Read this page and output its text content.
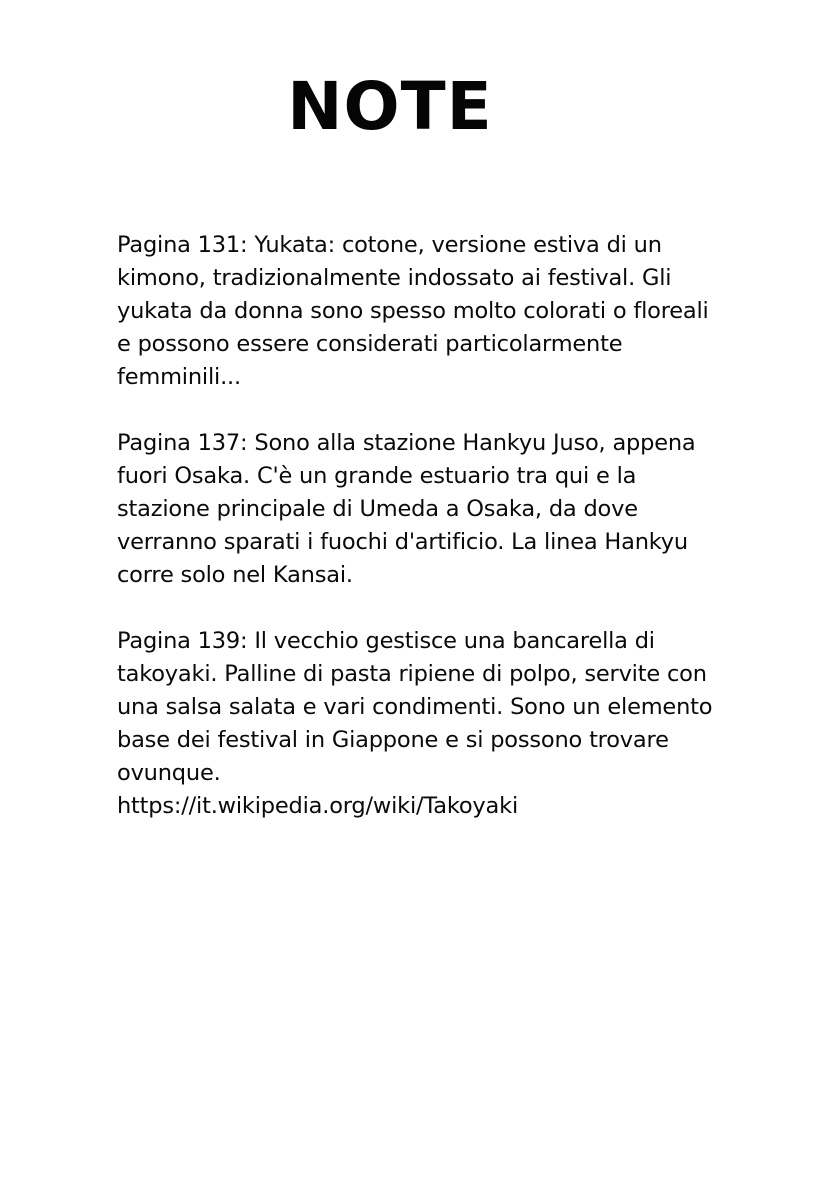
NOTE
Pagina 131: Yukata: cotone, versione estiva di un
kimono, tradizionalmente indossato ai festival. Gli
yukata da donna sono spesso molto colorati o floreali
e possono essere considerati particolarmente
femminili...
Pagina 137: Sono alla stazione Hankyu Juso, appena
fuori Osaka. C'è un grande estuario tra qui e la
stazione principale di Umeda a Osaka, da dove
verranno sparati i fuochi d'artificio. La linea Hankyu
corre solo nel Kansai.
Pagina 139: Il vecchio gestisce una bancarella di
takoyaki. Palline di pasta ripiene di polpo, servite con
una salsa salata e vari condimenti. Sono un elemento
base dei festival in Giappone e si possono trovare
ovunque.
https://it.wikipedia.org/wiki/Takoyaki
